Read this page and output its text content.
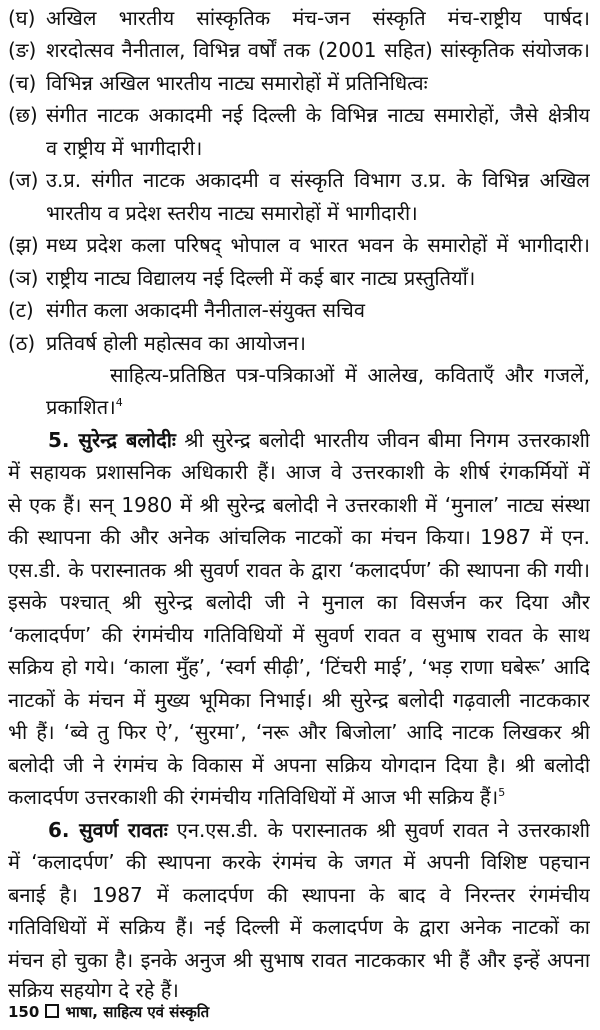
(घ) अखिल भारतीय सांस्कृतिक मंच-जन संस्कृति मंच-राष्ट्रीय पार्षद।
(ङ) शरदोत्सव नैनीताल, विभिन्न वर्षों तक (2001 सहित) सांस्कृतिक संयोजक।
(च) विभिन्न अखिल भारतीय नाट्य समारोहों में प्रतिनिधित्वः
(छ) संगीत नाटक अकादमी नई दिल्ली के विभिन्न नाट्य समारोहों, जैसे क्षेत्रीय
व राष्ट्रीय में भागीदारी।
(ज) उ.प्र. संगीत नाटक अकादमी व संस्कृति विभाग उ.प्र. के विभिन्न अखिल
भारतीय व प्रदेश स्तरीय नाट्य समारोहों में भागीदारी।
(झ) मध्य प्रदेश कला परिषद् भोपाल व भारत भवन के समारोहों में भागीदारी।
(ञ) राष्ट्रीय नाट्य विद्यालय नई दिल्ली में कई बार नाट्य प्रस्तुतियाँ।
(ट) संगीत कला अकादमी नैनीताल-संयुक्त सचिव
(ठ) प्रतिवर्ष होली महोत्सव का आयोजन।
साहित्य-प्रतिष्ठित पत्र-पत्रिकाओं में आलेख, कविताएँ और गजलें,
प्रकाशित।$^4$
5. सुरेन्द्र बलोदीः श्री सुरेन्द्र बलोदी भारतीय जीवन बीमा निगम उत्तरकाशी
में सहायक प्रशासनिक अधिकारी हैं। आज वे उत्तरकाशी के शीर्ष रंगकर्मियों में
से एक हैं। सन् 1980 में श्री सुरेन्द्र बलोदी ने उत्तरकाशी में ‘मुनाल’ नाट्य संस्था
की स्थापना की और अनेक आंचलिक नाटकों का मंचन किया। 1987 में एन.
एस.डी. के परास्नातक श्री सुवर्ण रावत के द्वारा ‘कलादर्पण’ की स्थापना की गयी।
इसके पश्चात् श्री सुरेन्द्र बलोदी जी ने मुनाल का विसर्जन कर दिया और
‘कलादर्पण’ की रंगमंचीय गतिविधियों में सुवर्ण रावत व सुभाष रावत के साथ
सक्रिय हो गये। ‘काला मुँह’, ‘स्वर्ग सीढ़ी’, ‘टिंचरी माई’, ‘भड़ राणा घबेरू’ आदि
नाटकों के मंचन में मुख्य भूमिका निभाई। श्री सुरेन्द्र बलोदी गढ़वाली नाटककार
भी हैं। ‘ब्वे तु फिर ऐ’, ‘सुरमा’, ‘नरू और बिजोला’ आदि नाटक लिखकर श्री
बलोदी जी ने रंगमंच के विकास में अपना सक्रिय योगदान दिया है। श्री बलोदी
कलादर्पण उत्तरकाशी की रंगमंचीय गतिविधियों में आज भी सक्रिय हैं।$^5$
6. सुवर्ण रावतः एन.एस.डी. के परास्नातक श्री सुवर्ण रावत ने उत्तरकाशी
में ‘कलादर्पण’ की स्थापना करके रंगमंच के जगत में अपनी विशिष्ट पहचान
बनाई है। 1987 में कलादर्पण की स्थापना के बाद वे निरन्तर रंगमंचीय
गतिविधियों में सक्रिय हैं। नई दिल्ली में कलादर्पण के द्वारा अनेक नाटकों का
मंचन हो चुका है। इनके अनुज श्री सुभाष रावत नाटककार भी हैं और इन्हें अपना
सक्रिय सहयोग दे रहे हैं।
150 भाषा, साहित्य एवं संस्कृति
